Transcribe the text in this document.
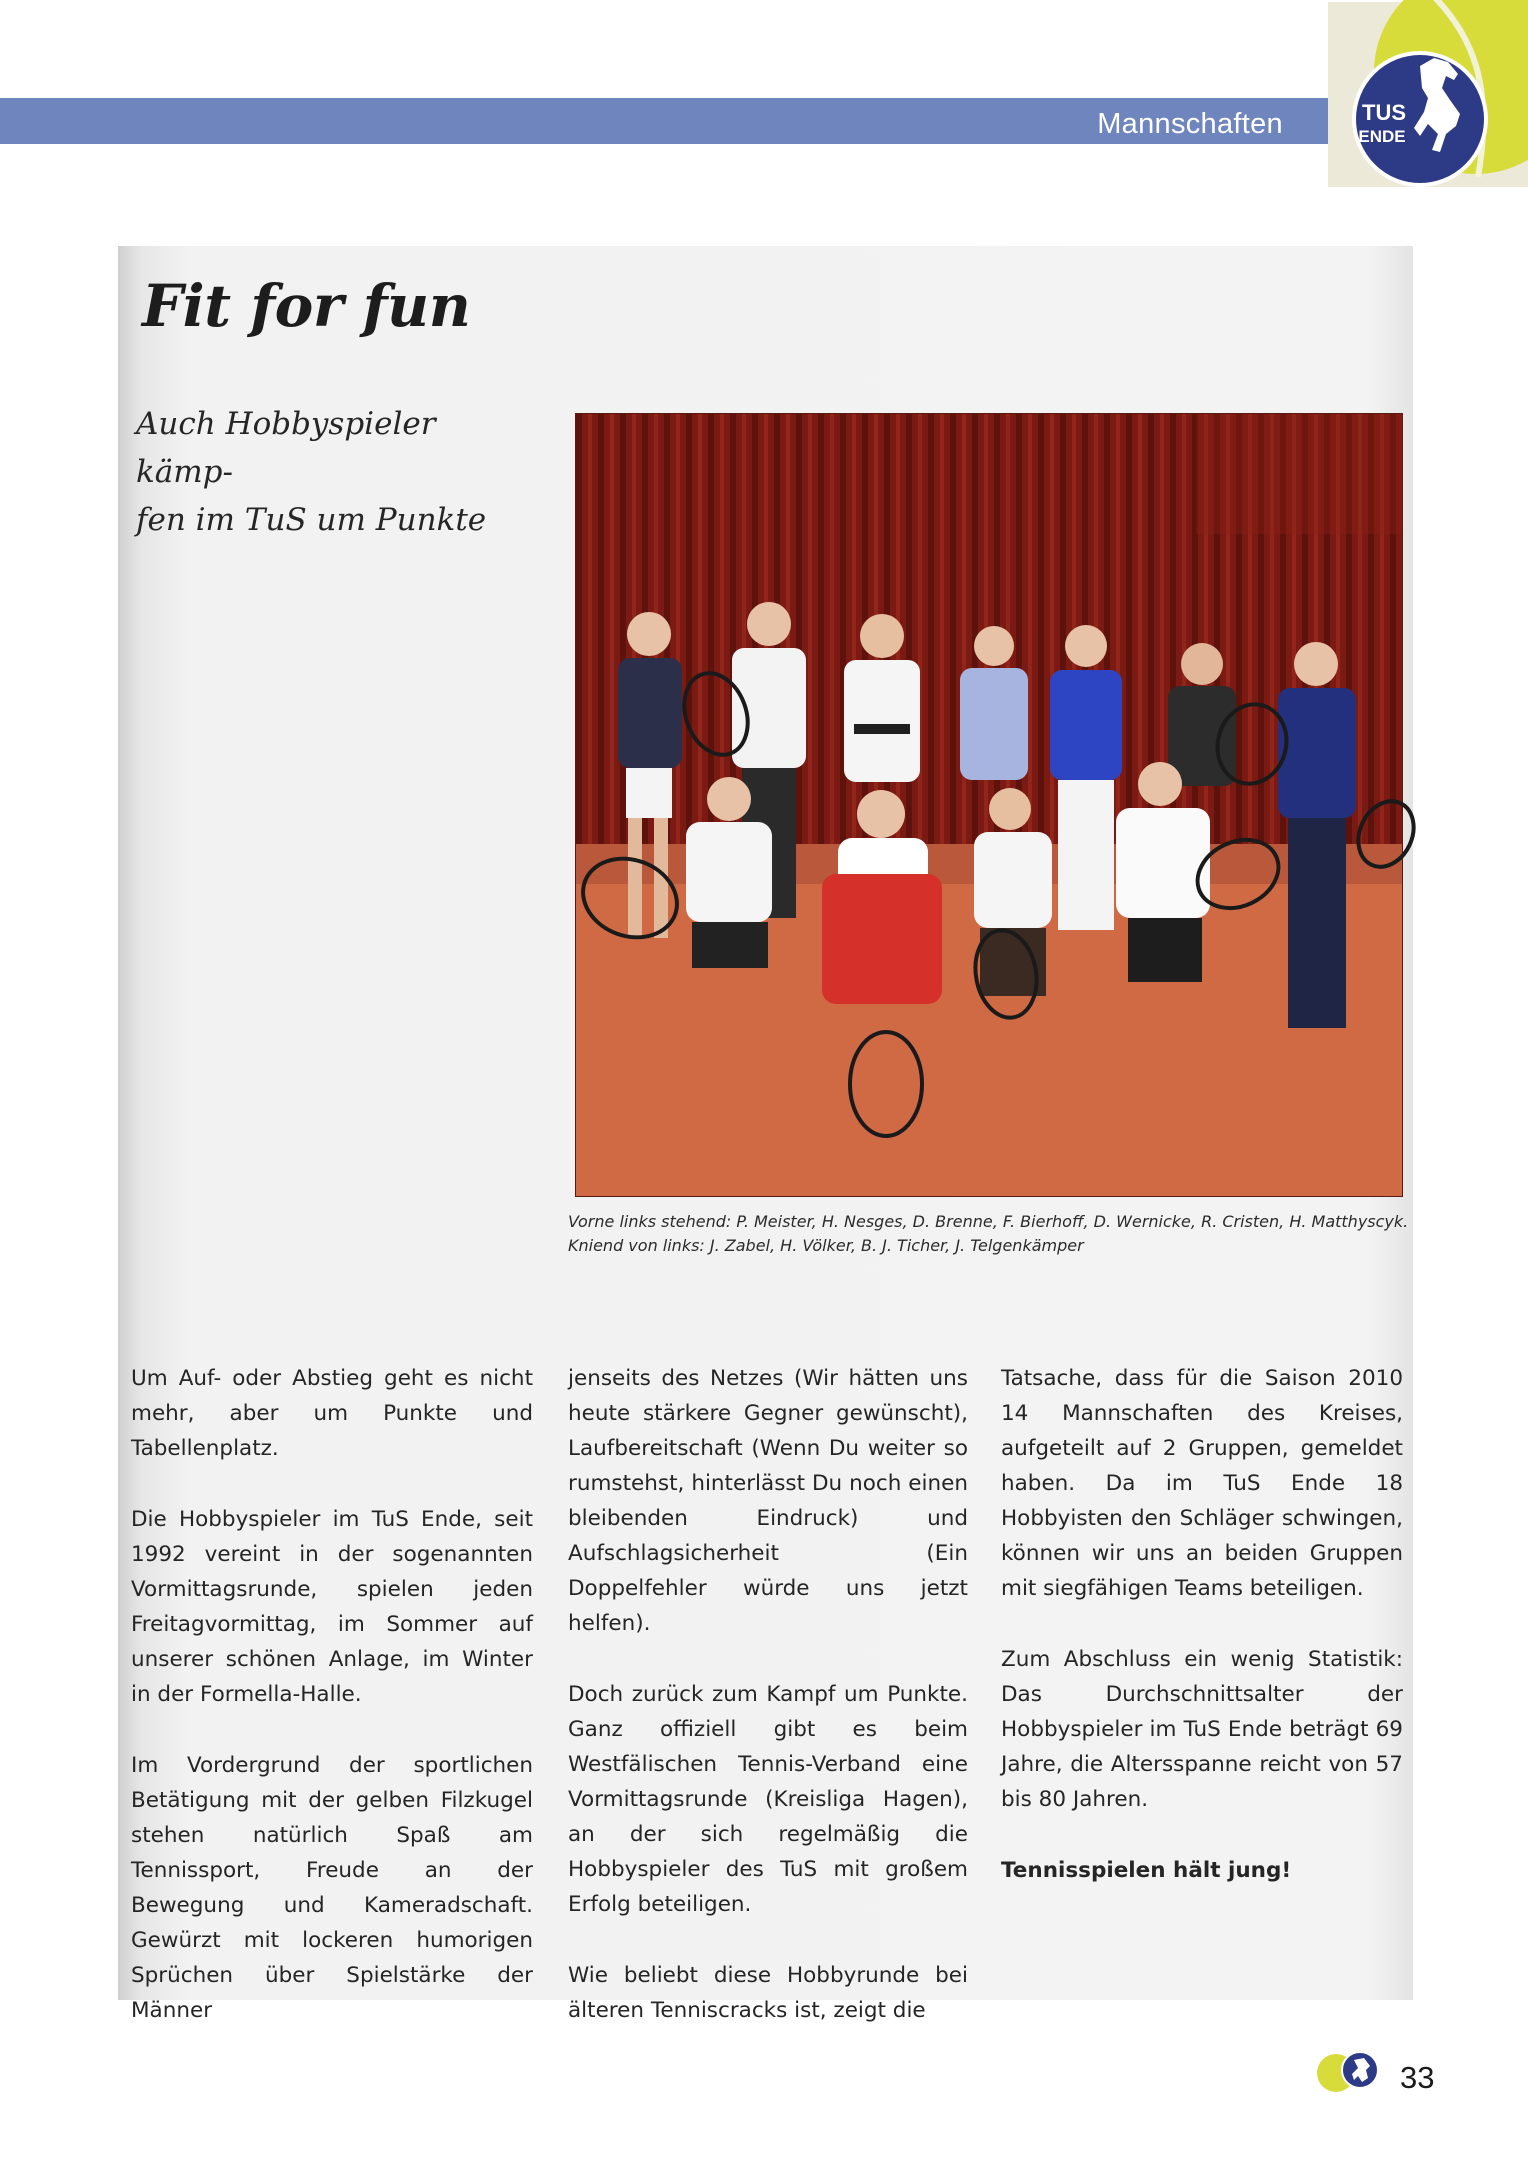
Mannschaften	TUS
ENDE
Fit for fun
Auch Hobbyspieler kämp-
fen im TuS um Punkte
Vorne links stehend: P. Meister, H. Nesges, D. Brenne, F. Bierhoff, D. Wernicke, R. Cristen, H. Matthyscyk.
Kniend von links: J. Zabel, H. Völker, B. J. Ticher, J. Telgenkämper

Um Auf- oder Abstieg geht es nicht mehr, aber um Punkte und Tabellenplatz.

Die Hobbyspieler im TuS Ende, seit 1992 vereint in der sogenannten Vormittagsrunde, spielen jeden Freitagvormittag, im Sommer auf unserer schönen Anlage, im Winter in der Formella-Halle.

Im Vordergrund der sportlichen Betätigung mit der gelben Filzkugel stehen natürlich Spaß am Tennissport, Freude an der Bewegung und Kameradschaft. Gewürzt mit lockeren humorigen Sprüchen über Spielstärke der Männer

jenseits des Netzes (Wir hätten uns heute stärkere Gegner gewünscht), Laufbereitschaft (Wenn Du weiter so rumstehst, hinterlässt Du noch einen bleibenden Eindruck) und Aufschlagsicherheit (Ein Doppelfehler würde uns jetzt helfen).

Doch zurück zum Kampf um Punkte. Ganz offiziell gibt es beim Westfälischen Tennis-Verband eine Vormittagsrunde (Kreisliga Hagen), an der sich regelmäßig die Hobbyspieler des TuS mit großem Erfolg beteiligen.

Wie beliebt diese Hobbyrunde bei älteren Tenniscracks ist, zeigt die

Tatsache, dass für die Saison 2010 14 Mannschaften des Kreises, aufgeteilt auf 2 Gruppen, gemeldet haben. Da im TuS Ende 18 Hobbyisten den Schläger schwingen, können wir uns an beiden Gruppen mit siegfähigen Teams beteiligen.

Zum Abschluss ein wenig Statistik: Das Durchschnittsalter der Hobbyspieler im TuS Ende beträgt 69 Jahre, die Altersspanne reicht von 57 bis 80 Jahren.

Tennisspielen hält jung!

33
